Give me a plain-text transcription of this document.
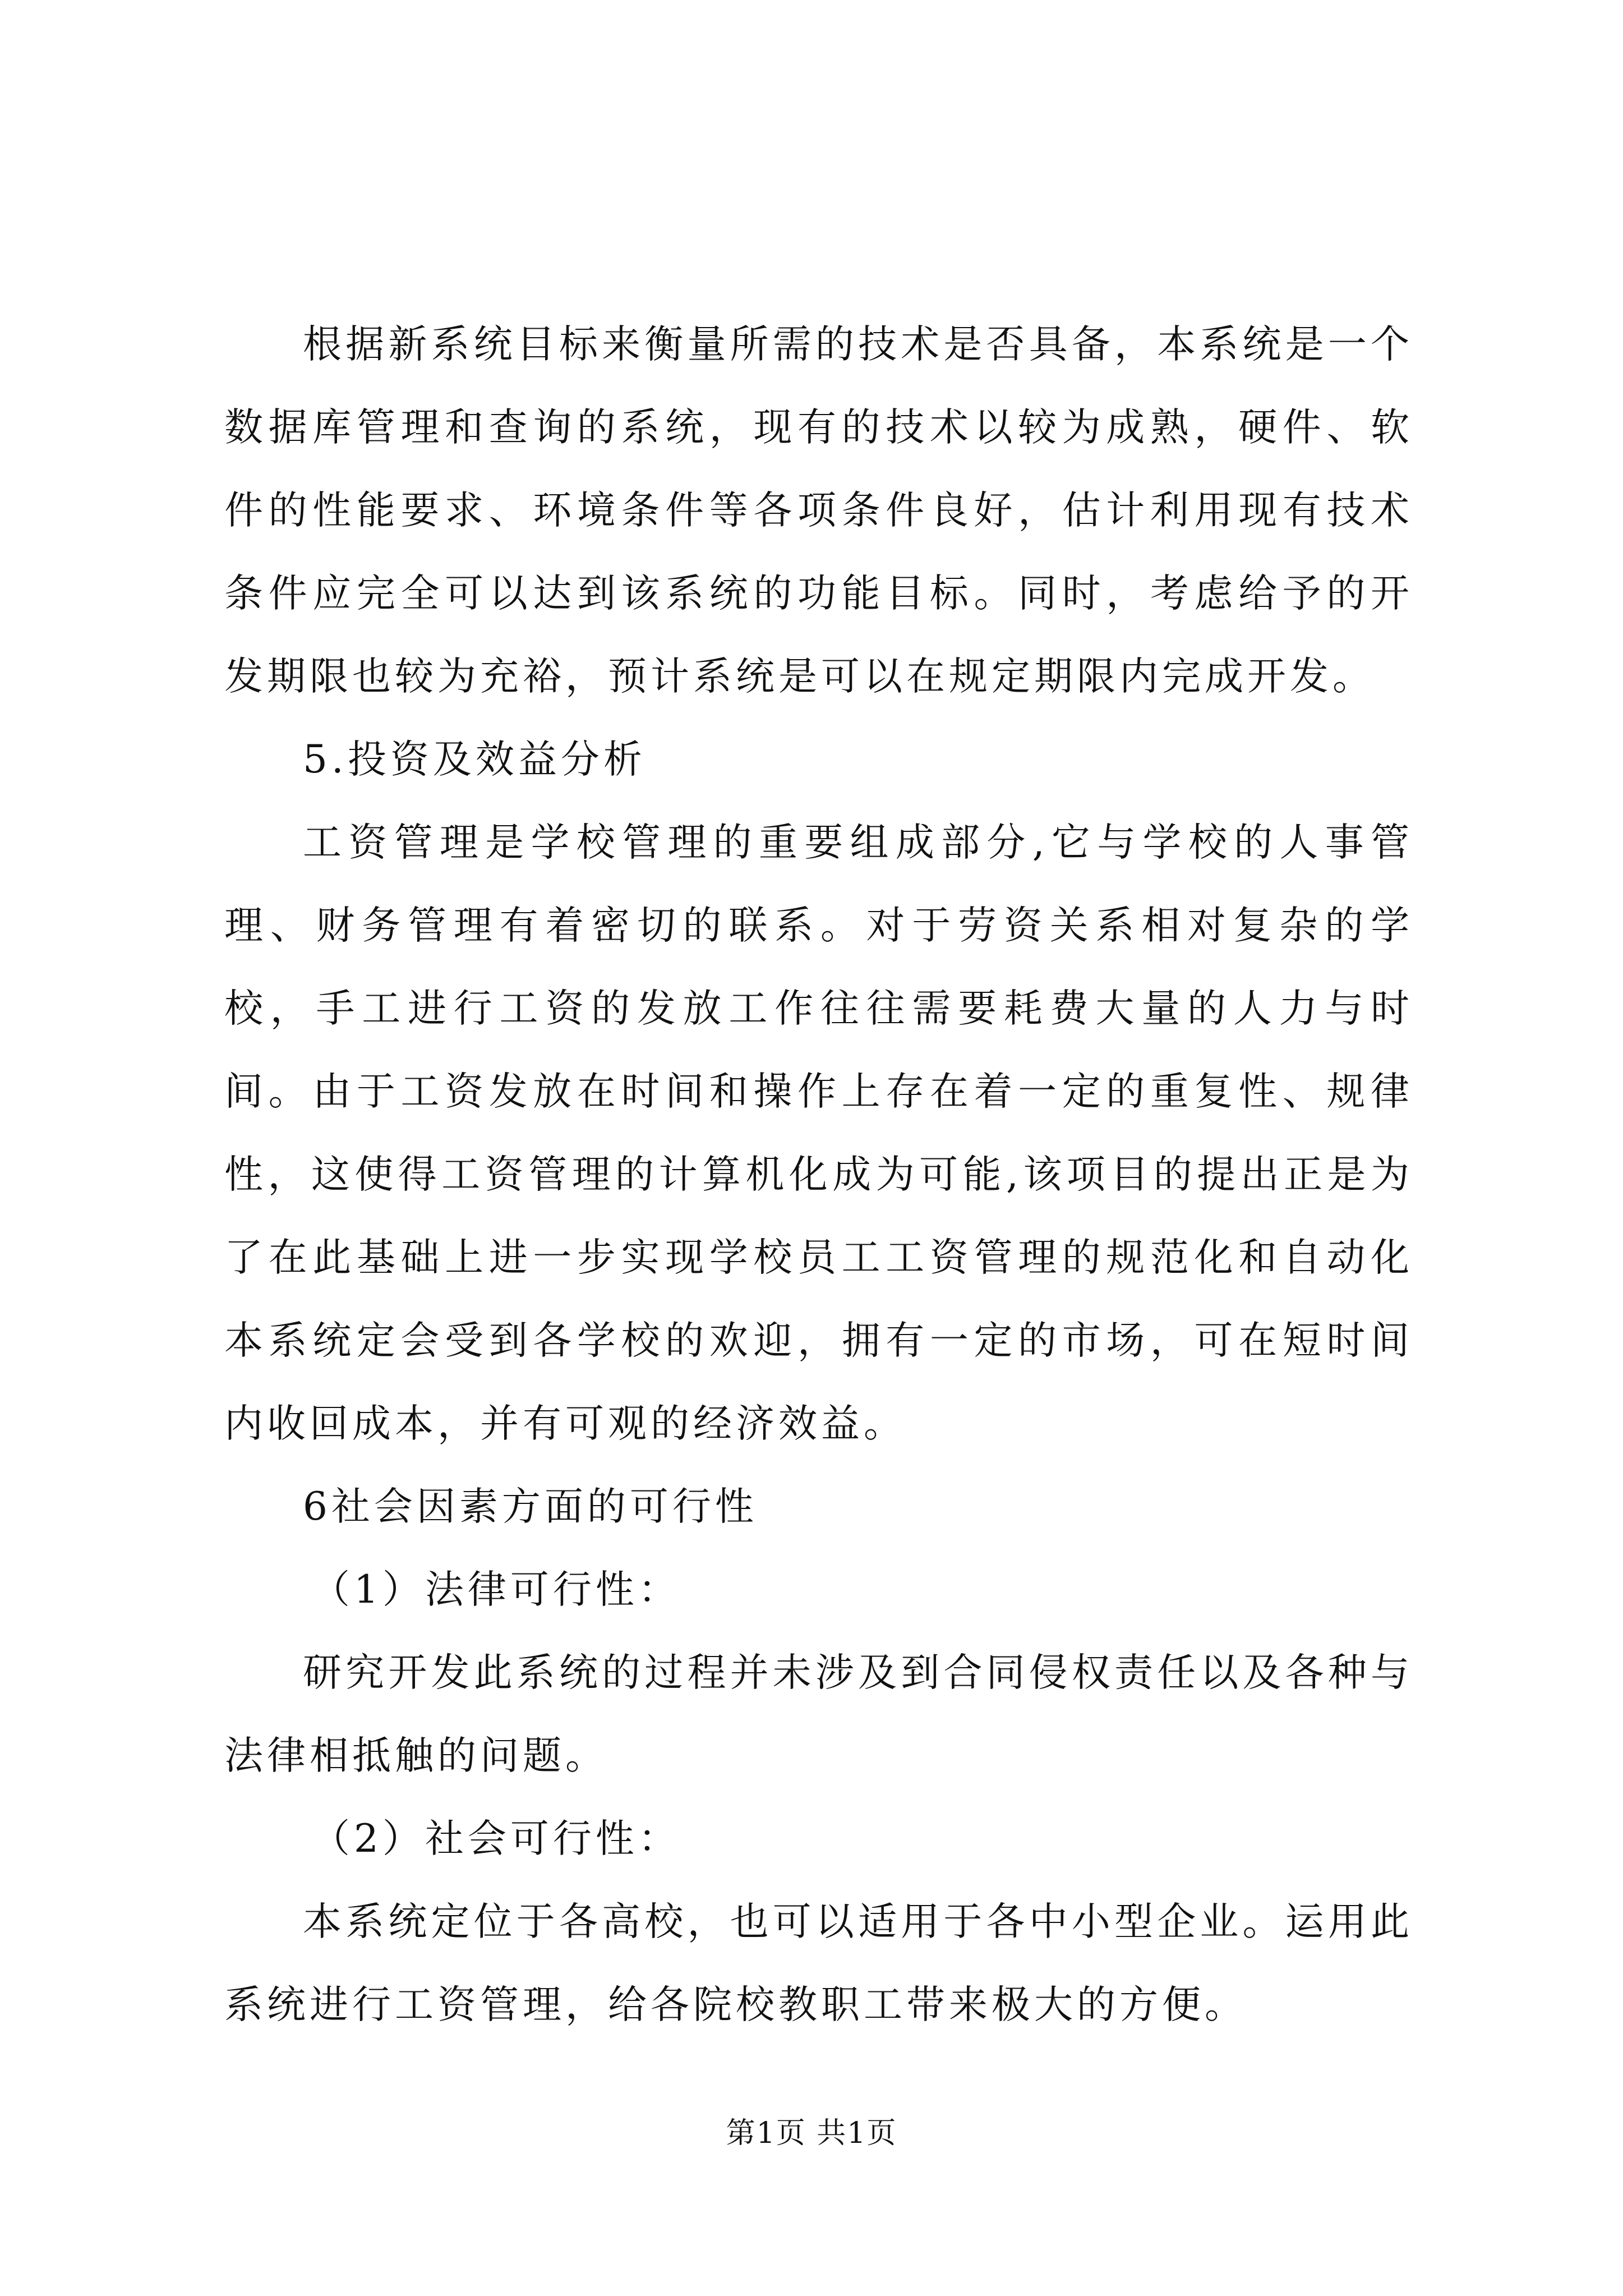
根据新系统目标来衡量所需的技术是否具备，本系统是一个数据库管理和查询的系统，现有的技术以较为成熟，硬件、软件的性能要求、环境条件等各项条件良好，估计利用现有技术条件应完全可以达到该系统的功能目标。同时，考虑给予的开发期限也较为充裕，预计系统是可以在规定期限内完成开发。

5.投资及效益分析

工资管理是学校管理的重要组成部分,它与学校的人事管理、财务管理有着密切的联系。对于劳资关系相对复杂的学校，手工进行工资的发放工作往往需要耗费大量的人力与时间。由于工资发放在时间和操作上存在着一定的重复性、规律性，这使得工资管理的计算机化成为可能,该项目的提出正是为了在此基础上进一步实现学校员工工资管理的规范化和自动化本系统定会受到各学校的欢迎，拥有一定的市场，可在短时间内收回成本，并有可观的经济效益。

6社会因素方面的可行性

（1）法律可行性：

研究开发此系统的过程并未涉及到合同侵权责任以及各种与法律相抵触的问题。

（2）社会可行性：

本系统定位于各高校，也可以适用于各中小型企业。运用此系统进行工资管理，给各院校教职工带来极大的方便。

第1页 共1页
